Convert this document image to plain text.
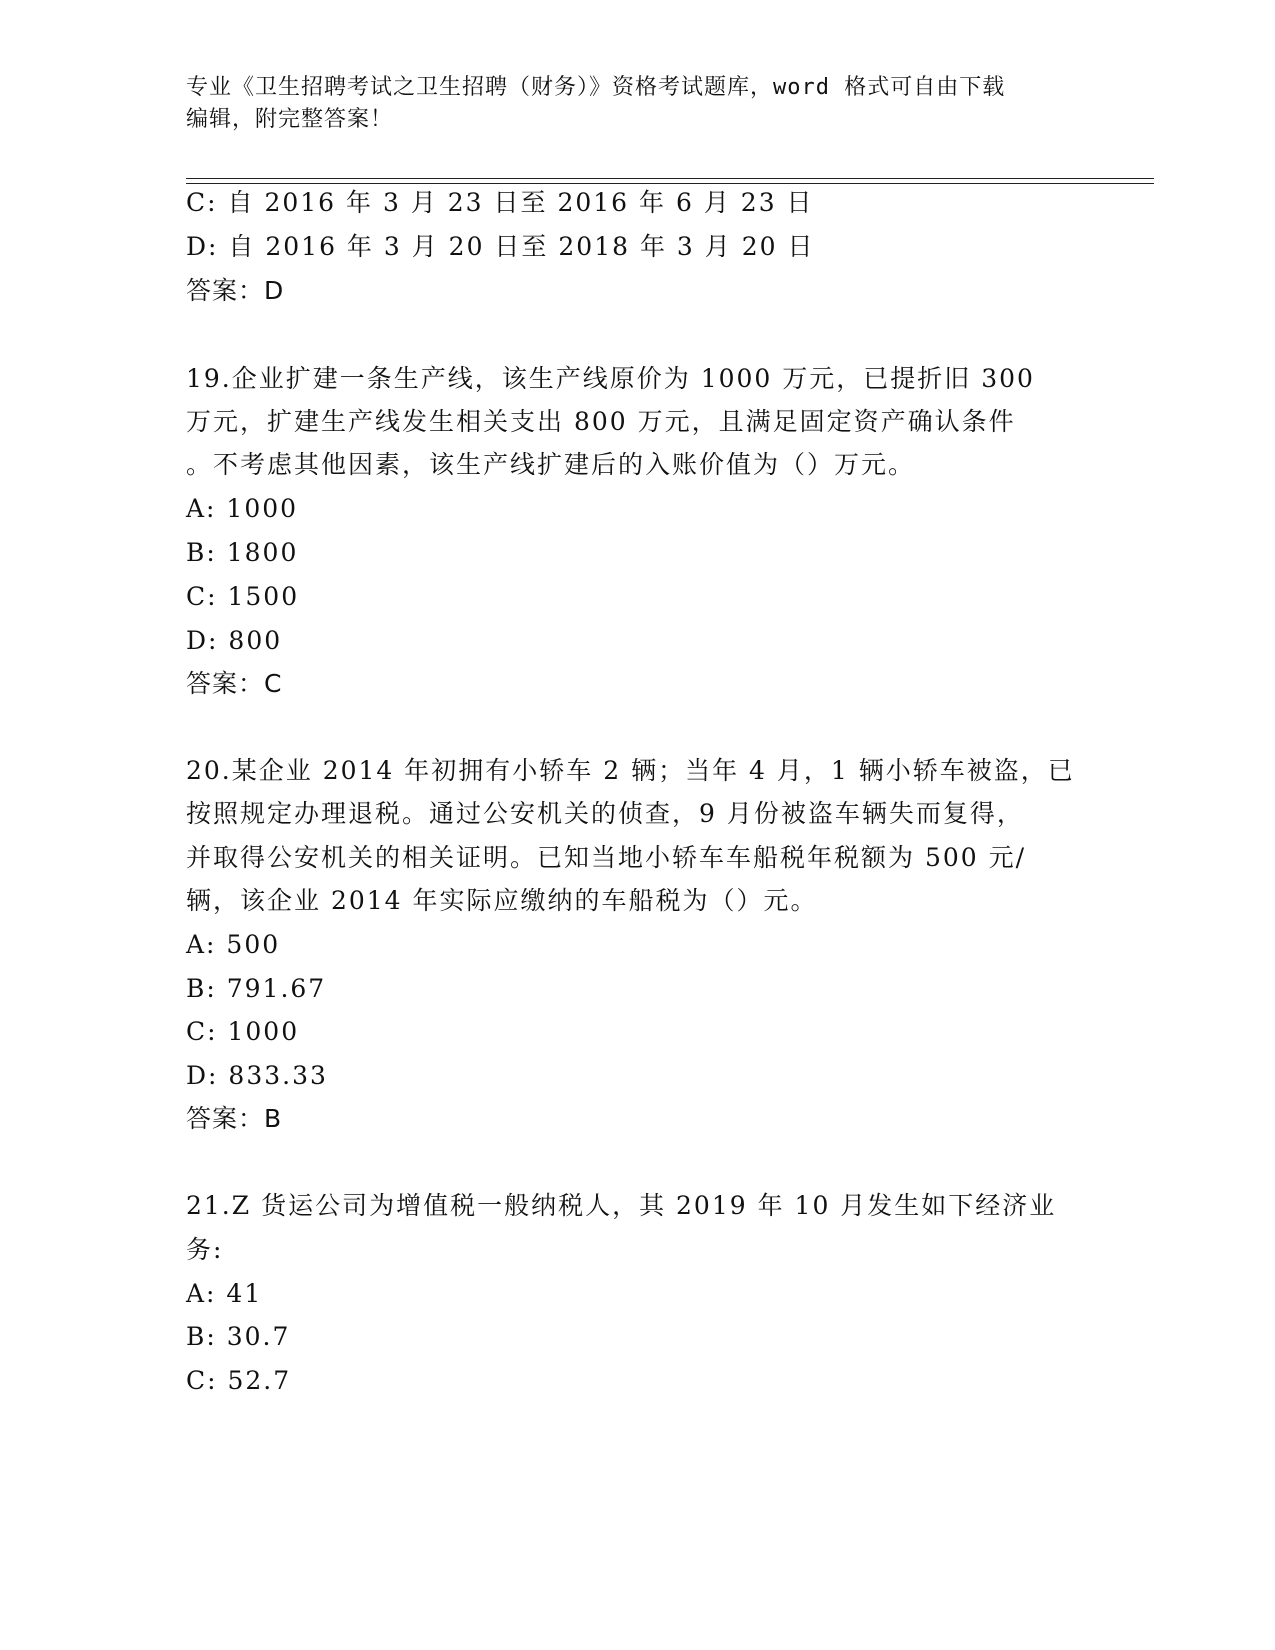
专业《卫生招聘考试之卫生招聘（财务）》资格考试题库，word 格式可自由下载
编辑，附完整答案！
C: 自 2016 年 3 月 23 日至 2016 年 6 月 23 日
D: 自 2016 年 3 月 20 日至 2018 年 3 月 20 日
答案：D
19.企业扩建一条生产线，该生产线原价为 1000 万元，已提折旧 300
万元，扩建生产线发生相关支出 800 万元，且满足固定资产确认条件
。不考虑其他因素，该生产线扩建后的入账价值为（）万元。
A: 1000
B: 1800
C: 1500
D: 800
答案：C
20.某企业 2014 年初拥有小轿车 2 辆；当年 4 月，1 辆小轿车被盗，已
按照规定办理退税。通过公安机关的侦查，9 月份被盗车辆失而复得，
并取得公安机关的相关证明。已知当地小轿车车船税年税额为 500 元/
辆，该企业 2014 年实际应缴纳的车船税为（）元。
A: 500
B: 791.67
C: 1000
D: 833.33
答案：B
21.Z 货运公司为增值税一般纳税人，其 2019 年 10 月发生如下经济业
务:
A: 41
B: 30.7
C: 52.7
